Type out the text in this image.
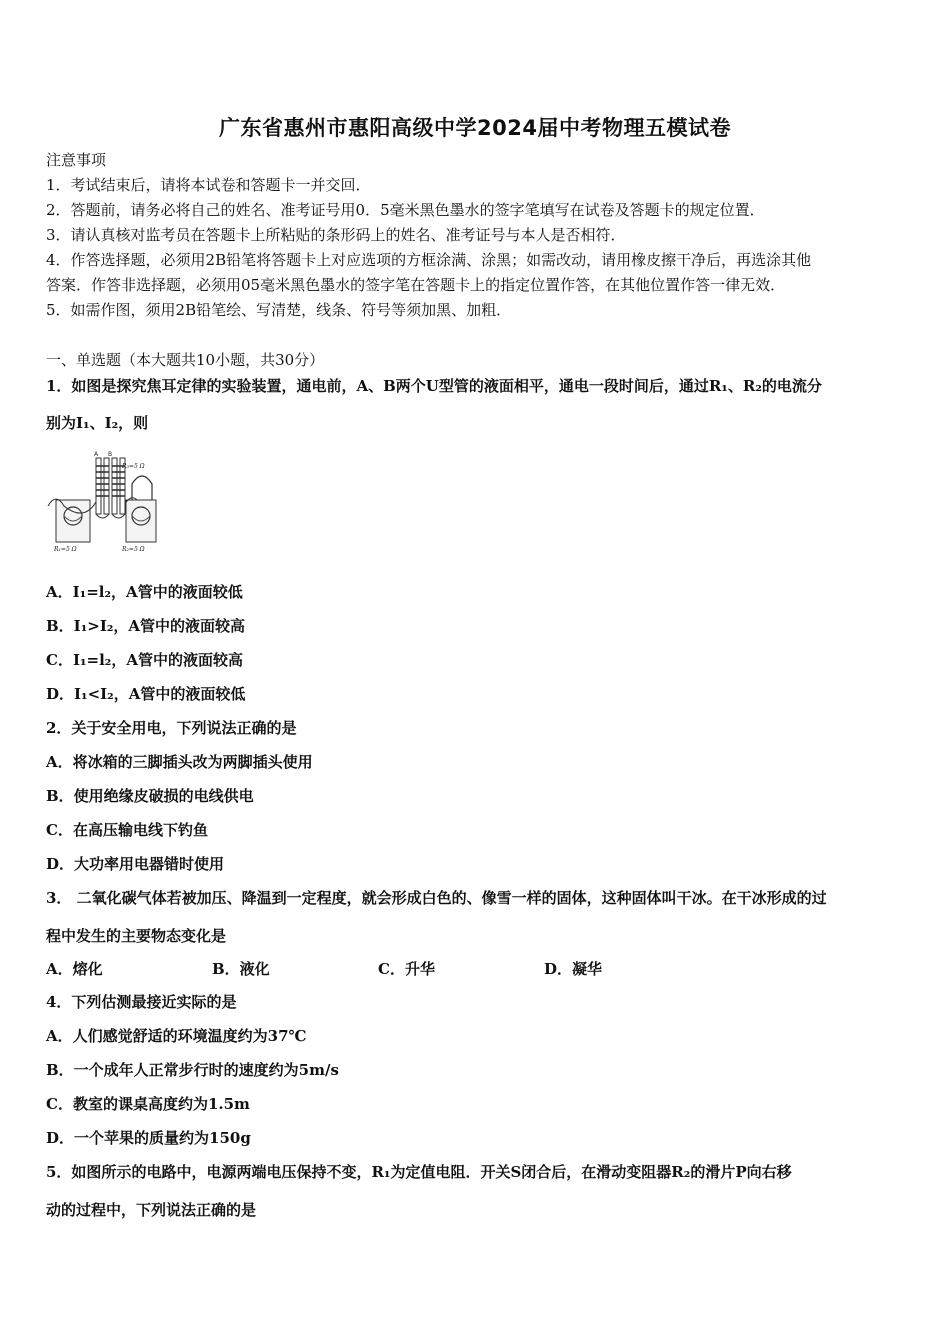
广东省惠州市惠阳高级中学2024届中考物理五模试卷
注意事项
1．考试结束后，请将本试卷和答题卡一并交回．
2．答题前，请务必将自己的姓名、准考证号用0．5毫米黑色墨水的签字笔填写在试卷及答题卡的规定位置．
3．请认真核对监考员在答题卡上所粘贴的条形码上的姓名、准考证号与本人是否相符．
4．作答选择题，必须用2B铅笔将答题卡上对应选项的方框涂满、涂黑；如需改动，请用橡皮擦干净后，再选涂其他
答案．作答非选择题，必须用05毫米黑色墨水的签字笔在答题卡上的指定位置作答，在其他位置作答一律无效．
5．如需作图，须用2B铅笔绘、写清楚，线条、符号等须加黑、加粗．
一、单选题（本大题共10小题，共30分）
1．如图是探究焦耳定律的实验装置，通电前，A、B两个U型管的液面相平，通电一段时间后，通过R₁、R₂的电流分
别为I₁、I₂，则
A B
R₃=5 Ω
R₁=5 Ω	R₂=5 Ω
A．I₁=l₂，A管中的液面较低
B．I₁>I₂，A管中的液面较高
C．I₁=l₂，A管中的液面较高
D．I₁<I₂，A管中的液面较低
2．关于安全用电，下列说法正确的是
A．将冰箱的三脚插头改为两脚插头使用
B．使用绝缘皮破损的电线供电
C．在高压输电线下钓鱼
D．大功率用电器错时使用
3． 二氧化碳气体若被加压、降温到一定程度，就会形成白色的、像雪一样的固体，这种固体叫干冰。在干冰形成的过
程中发生的主要物态变化是
A．熔化	B．液化	C．升华	D．凝华
4．下列估测最接近实际的是
A．人们感觉舒适的环境温度约为37℃
B．一个成年人正常步行时的速度约为5m/s
C．教室的课桌高度约为1.5m
D．一个苹果的质量约为150g
5．如图所示的电路中，电源两端电压保持不变，R₁为定值电阻．开关S闭合后，在滑动变阻器R₂的滑片P向右移
动的过程中，下列说法正确的是
